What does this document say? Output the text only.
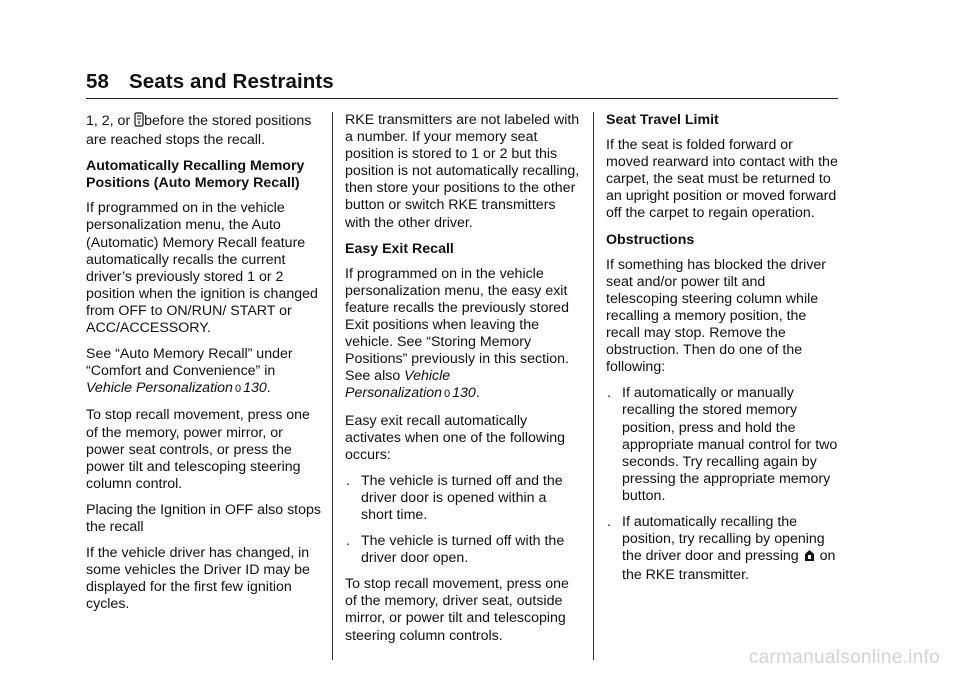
58 Seats and Restraints

1, 2, or before the stored positions are reached stops the recall.

Automatically Recalling Memory Positions (Auto Memory Recall)

If programmed on in the vehicle personalization menu, the Auto (Automatic) Memory Recall feature automatically recalls the current driver’s previously stored 1 or 2 position when the ignition is changed from OFF to ON/RUN/ START or ACC/ACCESSORY.

See “Auto Memory Recall” under “Comfort and Convenience” in Vehicle Personalization 0 130.

To stop recall movement, press one of the memory, power mirror, or power seat controls, or press the power tilt and telescoping steering column control.

Placing the Ignition in OFF also stops the recall

If the vehicle driver has changed, in some vehicles the Driver ID may be displayed for the first few ignition cycles.

RKE transmitters are not labeled with a number. If your memory seat position is stored to 1 or 2 but this position is not automatically recalling, then store your positions to the other button or switch RKE transmitters with the other driver.

Easy Exit Recall

If programmed on in the vehicle personalization menu, the easy exit feature recalls the previously stored Exit positions when leaving the vehicle. See “Storing Memory Positions” previously in this section. See also Vehicle Personalization 0 130.

Easy exit recall automatically activates when one of the following occurs:

. The vehicle is turned off and the driver door is opened within a short time.

. The vehicle is turned off with the driver door open.

To stop recall movement, press one of the memory, driver seat, outside mirror, or power tilt and telescoping steering column controls.

Seat Travel Limit

If the seat is folded forward or moved rearward into contact with the carpet, the seat must be returned to an upright position or moved forward off the carpet to regain operation.

Obstructions

If something has blocked the driver seat and/or power tilt and telescoping steering column while recalling a memory position, the recall may stop. Remove the obstruction. Then do one of the following:

. If automatically or manually recalling the stored memory position, press and hold the appropriate manual control for two seconds. Try recalling again by pressing the appropriate memory button.

. If automatically recalling the position, try recalling by opening the driver door and pressing on the RKE transmitter.

carmanualsonline.info
